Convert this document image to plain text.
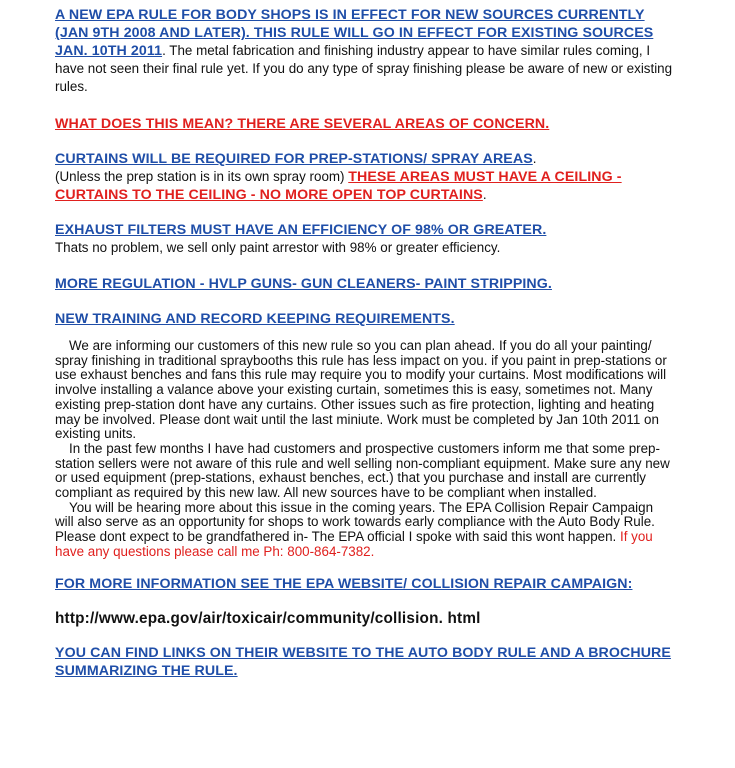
A NEW EPA RULE FOR BODY SHOPS IS IN EFFECT FOR NEW SOURCES CURRENTLY (JAN 9TH 2008 AND LATER). THIS RULE WILL GO IN EFFECT FOR EXISTING SOURCES JAN. 10TH 2011. The metal fabrication and finishing industry appear to have similar rules coming, I have not seen their final rule yet. If you do any type of spray finishing please be aware of new or existing rules.
WHAT DOES THIS MEAN? THERE ARE SEVERAL AREAS OF CONCERN.
CURTAINS WILL BE REQUIRED FOR PREP-STATIONS/ SPRAY AREAS.
(Unless the prep station is in its own spray room) THESE AREAS MUST HAVE A CEILING - CURTAINS TO THE CEILING - NO MORE OPEN TOP CURTAINS.
EXHAUST FILTERS MUST HAVE AN EFFICIENCY OF 98% OR GREATER.
Thats no problem, we sell only paint arrestor with 98% or greater efficiency.
MORE REGULATION - HVLP GUNS- GUN CLEANERS- PAINT STRIPPING.
NEW TRAINING AND RECORD KEEPING REQUIREMENTS.

We are informing our customers of this new rule so you can plan ahead. If you do all your painting/ spray finishing in traditional spraybooths this rule has less impact on you. if you paint in prep-stations or use exhaust benches and fans this rule may require you to modify your curtains. Most modifications will involve installing a valance above your existing curtain, sometimes this is easy, sometimes not. Many existing prep-station dont have any curtains. Other issues such as fire protection, lighting and heating may be involved. Please dont wait until the last miniute. Work must be completed by Jan 10th 2011 on existing units.

In the past few months I have had customers and prospective customers inform me that some prep-station sellers were not aware of this rule and well selling non-compliant equipment. Make sure any new or used equipment (prep-stations, exhaust benches, ect.) that you purchase and install are currently compliant as required by this new law. All new sources have to be compliant when installed.

You will be hearing more about this issue in the coming years. The EPA Collision Repair Campaign will also serve as an opportunity for shops to work towards early compliance with the Auto Body Rule. Please dont expect to be grandfathered in- The EPA official I spoke with said this wont happen. If you have any questions please call me Ph: 800-864-7382.

FOR MORE INFORMATION SEE THE EPA WEBSITE/ COLLISION REPAIR CAMPAIGN:
http://www.epa.gov/air/toxicair/community/collision. html
YOU CAN FIND LINKS ON THEIR WEBSITE TO THE AUTO BODY RULE AND A BROCHURE SUMMARIZING THE RULE.
